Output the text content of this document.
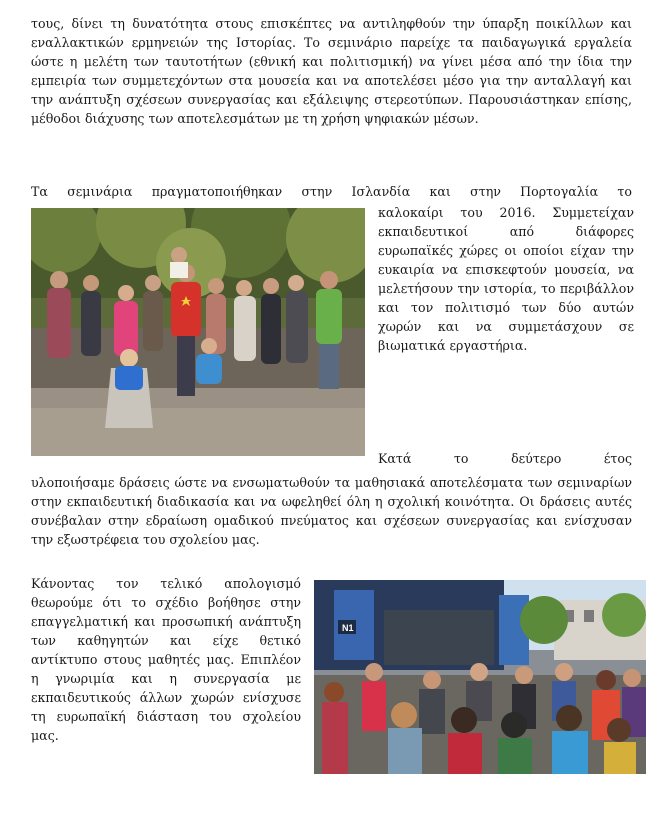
τους, δίνει τη δυνατότητα στους επισκέπτες να αντιληφθούν την ύπαρξη ποικίλλων και εναλλακτικών ερμηνειών της Ιστορίας. Το σεμινάριο παρείχε τα παιδαγωγικά εργαλεία ώστε η μελέτη των ταυτοτήτων (εθνική και πολιτισμική) να γίνει μέσα από την ίδια την εμπειρία των συμμετεχόντων στα μουσεία και να αποτελέσει μέσο για την ανταλλαγή και την ανάπτυξη σχέσεων συνεργασίας και εξάλειψης στερεοτύπων. Παρουσιάστηκαν επίσης, μέθοδοι διάχυσης των αποτελεσμάτων με τη χρήση ψηφιακών μέσων.

Τα σεμινάρια πραγματοποιήθηκαν στην Ισλανδία και στην Πορτογαλία το

καλοκαίρι του 2016. Συμμετείχαν εκπαιδευτικοί από διάφορες ευρωπαϊκές χώρες οι οποίοι είχαν την ευκαιρία να επισκεφτούν μουσεία, να μελετήσουν την ιστορία, το περιβάλλον και τον πολιτισμό των δύο αυτών χωρών και να συμμετάσχουν σε βιωματικά εργαστήρια.

Κατά το δεύτερο έτος

υλοποιήσαμε δράσεις ώστε να ενσωματωθούν τα μαθησιακά αποτελέσματα των σεμιναρίων στην εκπαιδευτική διαδικασία και να ωφεληθεί όλη η σχολική κοινότητα. Οι δράσεις αυτές συνέβαλαν στην εδραίωση ομαδικού πνεύματος και σχέσεων συνεργασίας και ενίσχυσαν την εξωστρέφεια του σχολείου μας.

Κάνοντας τον τελικό απολογισμό θεωρούμε ότι το σχέδιο βοήθησε στην επαγγελματική και προσωπική ανάπτυξη των καθηγητών και είχε θετικό αντίκτυπο στους μαθητές μας. Επιπλέον η γνωριμία και η συνεργασία με εκπαιδευτικούς άλλων χωρών ενίσχυσε τη ευρωπαϊκή διάσταση του σχολείου μας.

N1
